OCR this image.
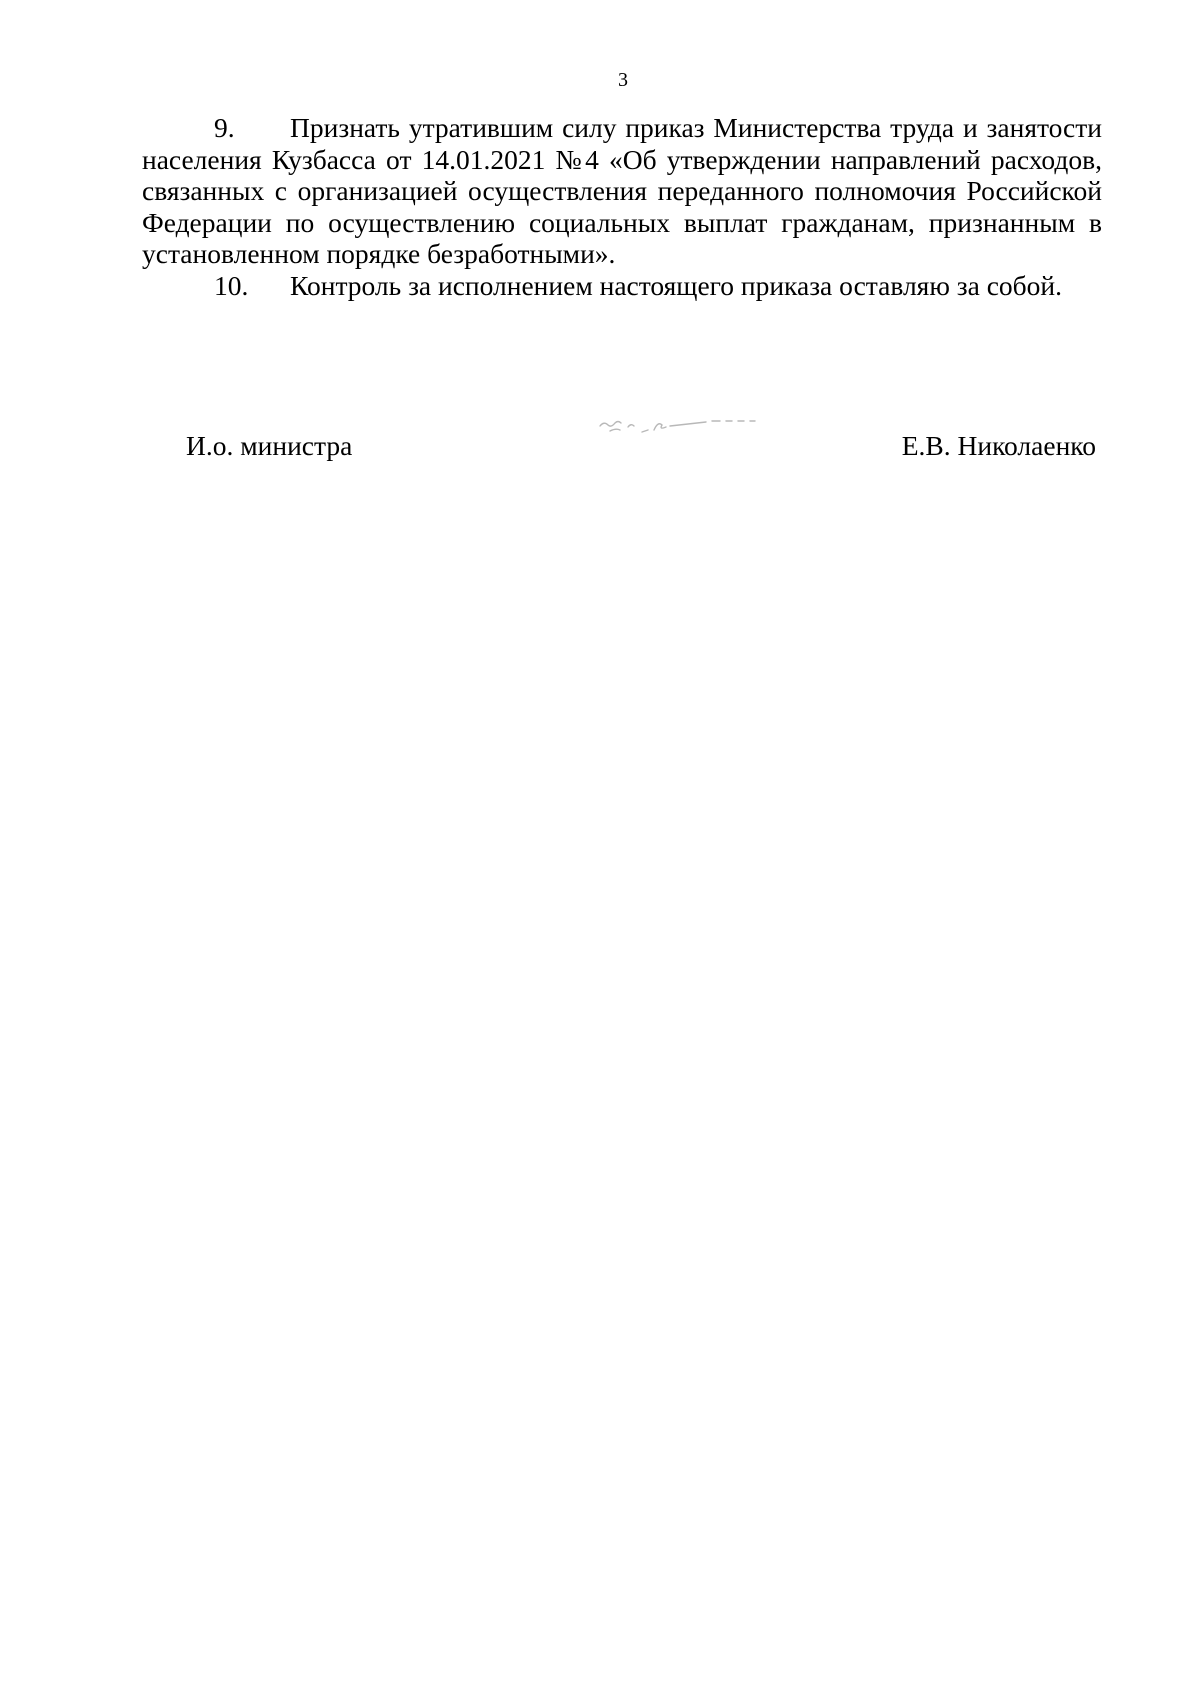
3

9. Признать утратившим силу приказ Министерства труда и занятости населения Кузбасса от 14.01.2021 №4 «Об утверждении направлений расходов, связанных с организацией осуществления переданного полномочия Российской Федерации по осуществлению социальных выплат гражданам, признанным в установленном порядке безработными».

10. Контроль за исполнением настоящего приказа оставляю за собой.

И.о. министра	Е.В. Николаенко
